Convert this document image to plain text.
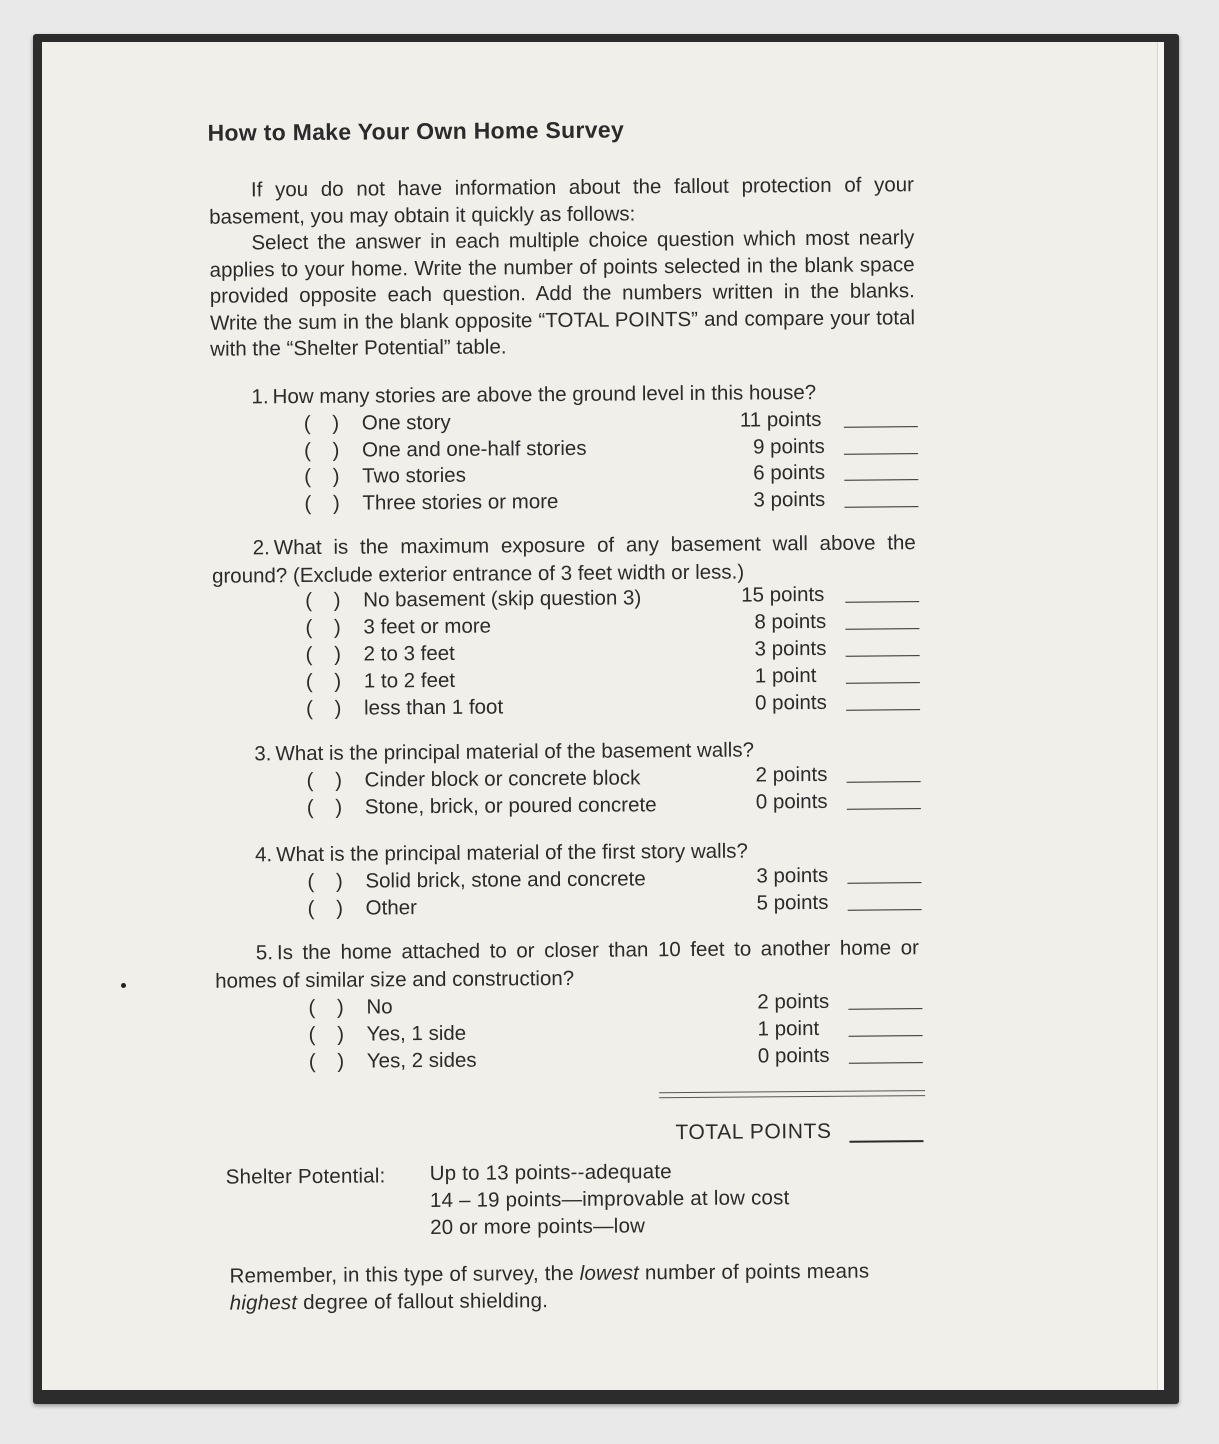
How to Make Your Own Home Survey
If you do not have information about the fallout protection of your basement, you may obtain it quickly as follows:
Select the answer in each multiple choice question which most nearly applies to your home. Write the number of points selected in the blank space provided opposite each question. Add the numbers written in the blanks. Write the sum in the blank opposite “TOTAL POINTS” and compare your total with the “Shelter Potential” table.
1. How many stories are above the ground level in this house?
( ) One story	11 points
( ) One and one-half stories	9 points
( ) Two stories	6 points
( ) Three stories or more	3 points
2. What is the maximum exposure of any basement wall above the ground? (Exclude exterior entrance of 3 feet width or less.)
( ) No basement (skip question 3)	15 points
( ) 3 feet or more	8 points
( ) 2 to 3 feet	3 points
( ) 1 to 2 feet	1 point
( ) less than 1 foot	0 points
3. What is the principal material of the basement walls?
( ) Cinder block or concrete block	2 points
( ) Stone, brick, or poured concrete	0 points
4. What is the principal material of the first story walls?
( ) Solid brick, stone and concrete	3 points
( ) Other	5 points
5. Is the home attached to or closer than 10 feet to another home or homes of similar size and construction?
( ) No	2 points
( ) Yes, 1 side	1 point
( ) Yes, 2 sides	0 points
TOTAL POINTS
Shelter Potential: Up to 13 points--adequate
14 – 19 points—improvable at low cost
20 or more points—low
Remember, in this type of survey, the lowest number of points means
highest degree of fallout shielding.
